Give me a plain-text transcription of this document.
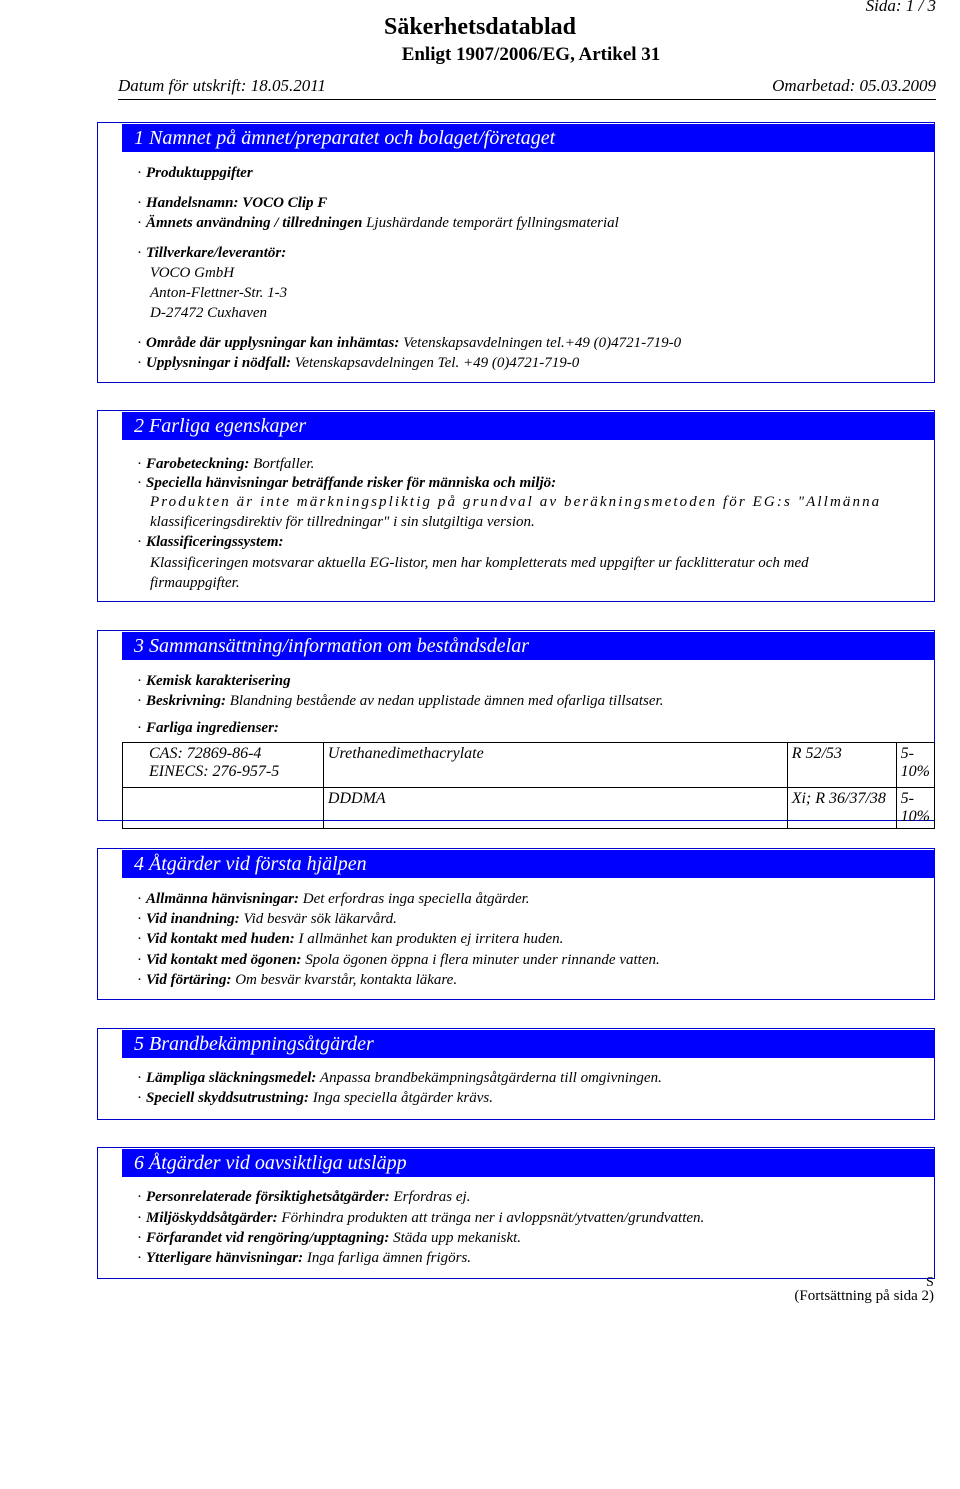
Sida: 1 / 3
Säkerhetsdatablad
Enligt 1907/2006/EG, Artikel 31
Datum för utskrift: 18.05.2011	Omarbetad: 05.03.2009
1 Namnet på ämnet/preparatet och bolaget/företaget
· Produktuppgifter
· Handelsnamn: VOCO Clip F
· Ämnets användning / tillredningen Ljushärdande temporärt fyllningsmaterial
· Tillverkare/leverantör:
VOCO GmbH
Anton-Flettner-Str. 1-3
D-27472 Cuxhaven
· Område där upplysningar kan inhämtas: Vetenskapsavdelningen tel.+49 (0)4721-719-0
· Upplysningar i nödfall: Vetenskapsavdelningen Tel. +49 (0)4721-719-0
2 Farliga egenskaper
· Farobeteckning: Bortfaller.
· Speciella hänvisningar beträffande risker för människa och miljö:
Produkten är inte märkningspliktig på grundval av beräkningsmetoden för EG:s "Allmänna
klassificeringsdirektiv för tillredningar" i sin slutgiltiga version.
· Klassificeringssystem:
Klassificeringen motsvarar aktuella EG-listor, men har kompletterats med uppgifter ur facklitteratur och med
firmauppgifter.
3 Sammansättning/information om beståndsdelar
· Kemisk karakterisering
· Beskrivning: Blandning bestående av nedan upplistade ämnen med ofarliga tillsatser.
· Farliga ingredienser:
CAS: 72869-86-4
EINECS: 276-957-5	Urethanedimethacrylate	R 52/53	5-10%
	DDDMA	Xi; R 36/37/38	5-10%
4 Åtgärder vid första hjälpen
· Allmänna hänvisningar: Det erfordras inga speciella åtgärder.
· Vid inandning: Vid besvär sök läkarvård.
· Vid kontakt med huden: I allmänhet kan produkten ej irritera huden.
· Vid kontakt med ögonen: Spola ögonen öppna i flera minuter under rinnande vatten.
· Vid förtäring: Om besvär kvarstår, kontakta läkare.
5 Brandbekämpningsåtgärder
· Lämpliga släckningsmedel: Anpassa brandbekämpningsåtgärderna till omgivningen.
· Speciell skyddsutrustning: Inga speciella åtgärder krävs.
6 Åtgärder vid oavsiktliga utsläpp
· Personrelaterade försiktighetsåtgärder: Erfordras ej.
· Miljöskyddsåtgärder: Förhindra produkten att tränga ner i avloppsnät/ytvatten/grundvatten.
· Förfarandet vid rengöring/upptagning: Städa upp mekaniskt.
· Ytterligare hänvisningar: Inga farliga ämnen frigörs.
S
(Fortsättning på sida 2)
